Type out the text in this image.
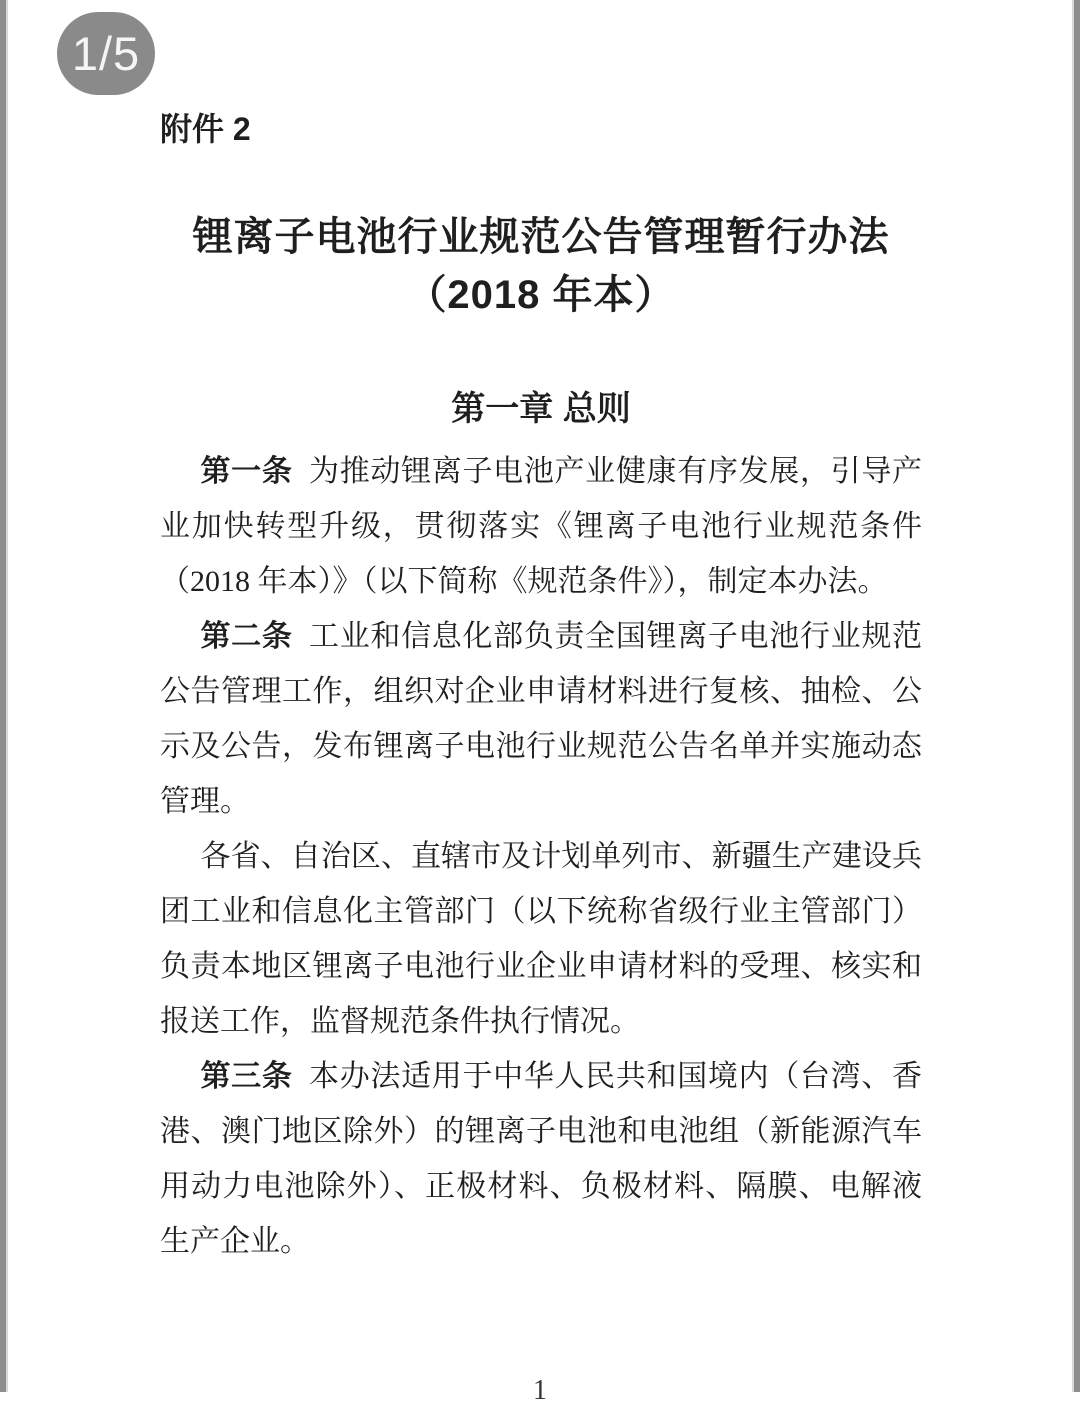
1/5
附件 2
锂离子电池行业规范公告管理暂行办法
（2018 年本）
第一章 总则

第一条 为推动锂离子电池产业健康有序发展，引导产业加快转型升级，贯彻落实《锂离子电池行业规范条件（2018 年本）》（以下简称《规范条件》），制定本办法。

第二条 工业和信息化部负责全国锂离子电池行业规范公告管理工作，组织对企业申请材料进行复核、抽检、公示及公告，发布锂离子电池行业规范公告名单并实施动态管理。

各省、自治区、直辖市及计划单列市、新疆生产建设兵团工业和信息化主管部门（以下统称省级行业主管部门）负责本地区锂离子电池行业企业申请材料的受理、核实和报送工作，监督规范条件执行情况。

第三条 本办法适用于中华人民共和国境内（台湾、香港、澳门地区除外）的锂离子电池和电池组（新能源汽车用动力电池除外）、正极材料、负极材料、隔膜、电解液生产企业。

1
